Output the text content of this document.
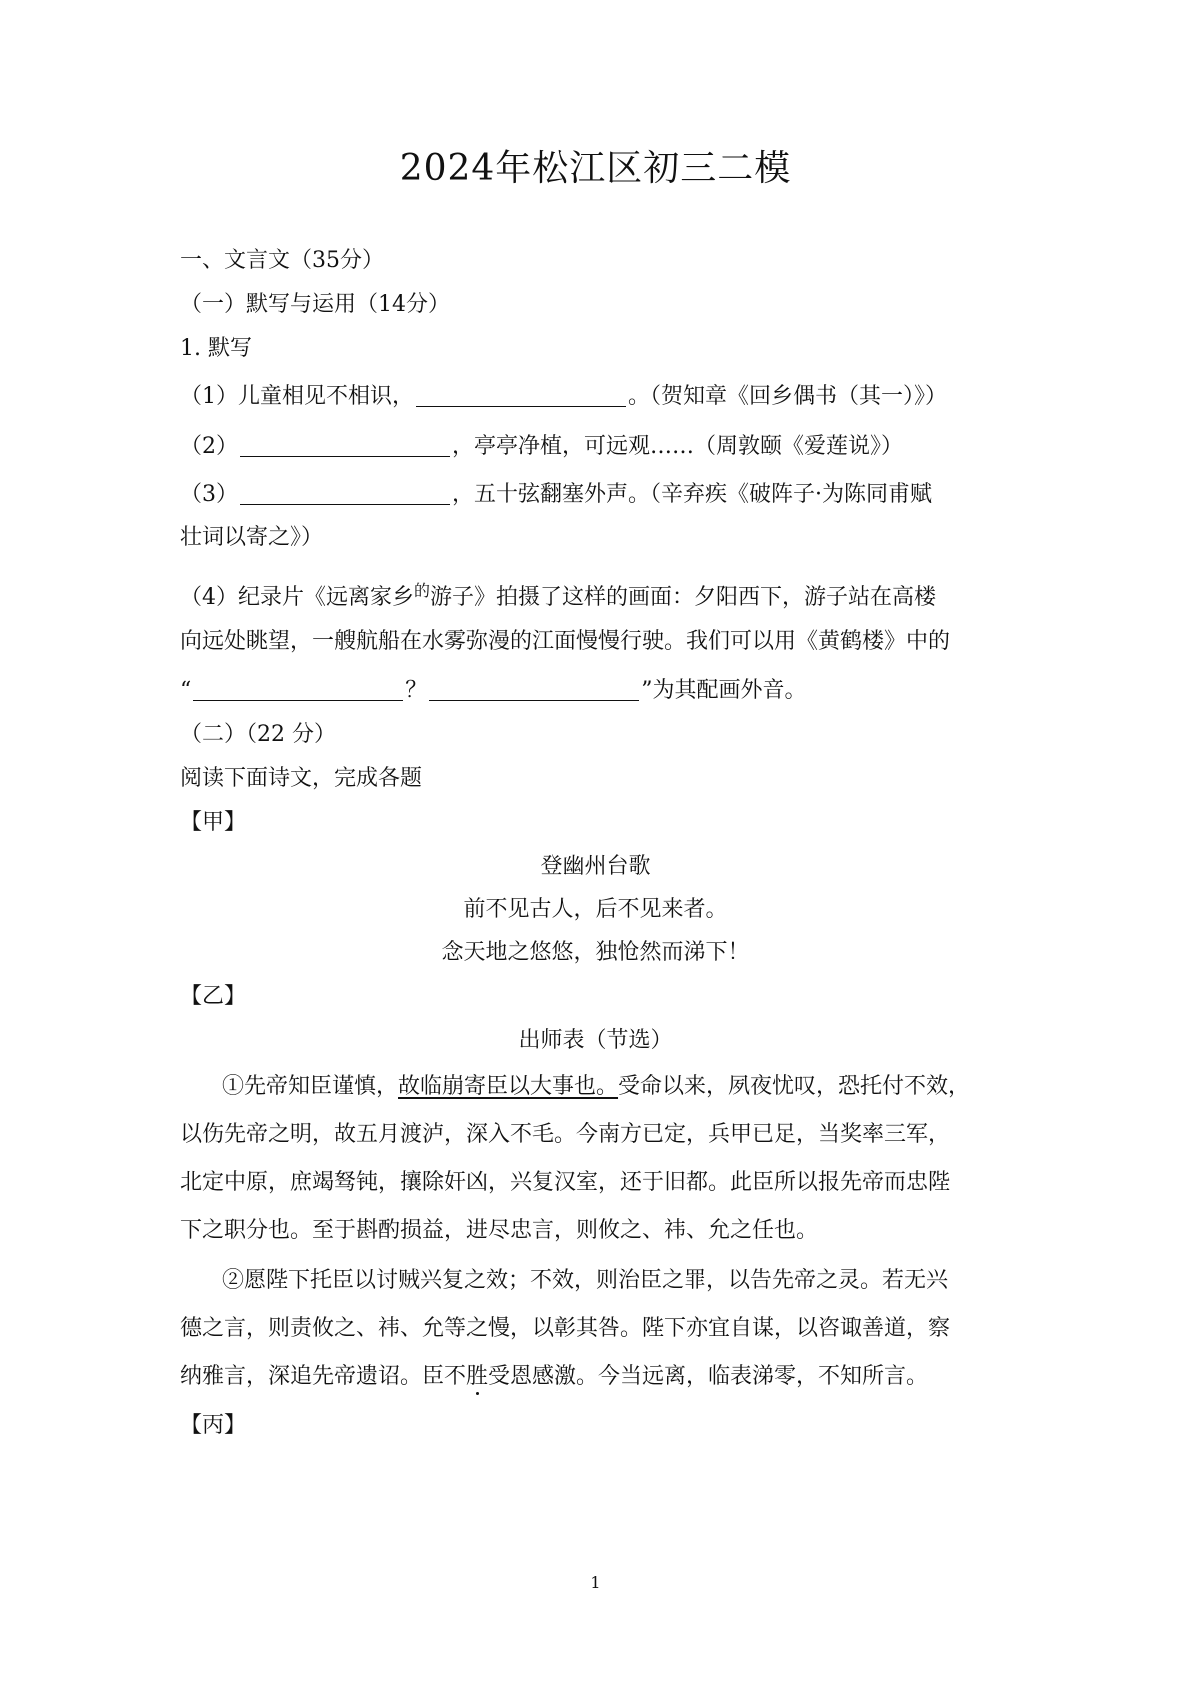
2024年松江区初三二模
一、文言文（35分）
（一）默写与运用（14分）
1. 默写
（1）儿童相见不相识，	。（贺知章《回乡偶书（其一）》）
（2）	，亭亭净植，可远观……（周敦颐《爱莲说》）
（3）	，五十弦翻塞外声。（辛弃疾《破阵子·为陈同甫赋
壮词以寄之》）
（4）纪录片《远离家乡$^的$游子》拍摄了这样的画面：夕阳西下，游子站在高楼
向远处眺望，一艘航船在水雾弥漫的江面慢慢行驶。我们可以用《黄鹤楼》中的
“	？	”为其配画外音。
（二）（22 分）
阅读下面诗文，完成各题
【甲】
登幽州台歌
前不见古人，后不见来者。
念天地之悠悠，独怆然而涕下！
【乙】
出师表（节选）
①先帝知臣谨慎，故临崩寄臣以大事也。受命以来，夙夜忧叹，恐托付不效，
以伤先帝之明，故五月渡泸，深入不毛。今南方已定，兵甲已足，当奖率三军，
北定中原，庶竭驽钝，攘除奸凶，兴复汉室，还于旧都。此臣所以报先帝而忠陛
下之职分也。至于斟酌损益，进尽忠言，则攸之、祎、允之任也。
②愿陛下托臣以讨贼兴复之效；不效，则治臣之罪，以告先帝之灵。若无兴
德之言，则责攸之、祎、允等之慢，以彰其咎。陛下亦宜自谋，以咨诹善道，察
纳雅言，深追先帝遗诏。臣不胜受恩感激。今当远离，临表涕零，不知所言。
【丙】
1
